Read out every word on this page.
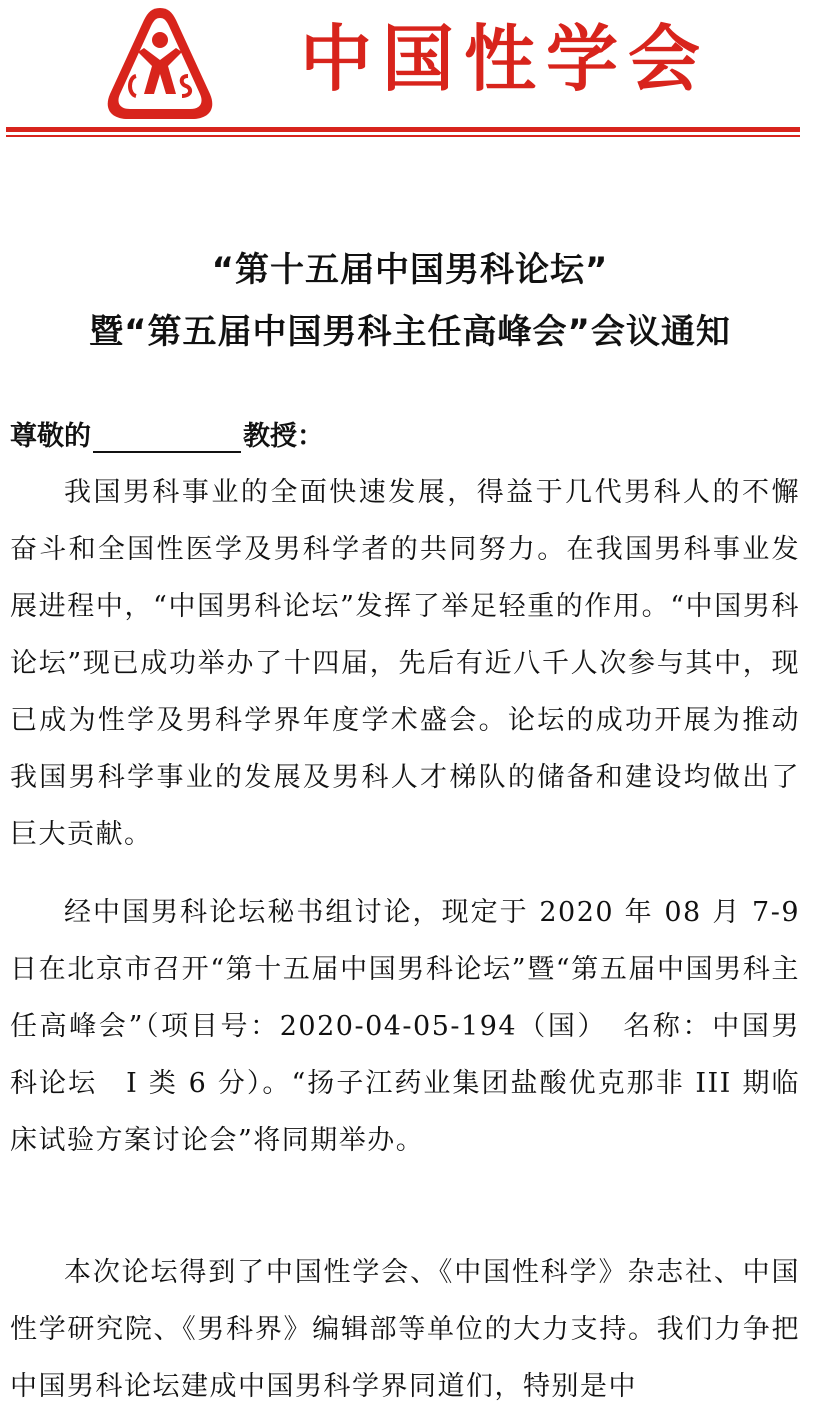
中国性学会
“第十五届中国男科论坛”
暨“第五届中国男科主任高峰会”会议通知
尊敬的	教授：

我国男科事业的全面快速发展，得益于几代男科人的不懈奋斗和全国性医学及男科学者的共同努力。在我国男科事业发展进程中，“中国男科论坛”发挥了举足轻重的作用。“中国男科论坛”现已成功举办了十四届，先后有近八千人次参与其中，现已成为性学及男科学界年度学术盛会。论坛的成功开展为推动我国男科学事业的发展及男科人才梯队的储备和建设均做出了巨大贡献。

经中国男科论坛秘书组讨论，现定于 2020 年 08 月 7-9 日在北京市召开“第十五届中国男科论坛”暨“第五届中国男科主任高峰会”（项目号：2020-04-05-194（国）　名称：中国男科论坛　I 类 6 分）。“扬子江药业集团盐酸优克那非 III 期临床试验方案讨论会”将同期举办。

本次论坛得到了中国性学会、《中国性科学》杂志社、中国性学研究院、《男科界》编辑部等单位的大力支持。我们力争把中国男科论坛建成中国男科学界同道们，特别是中
